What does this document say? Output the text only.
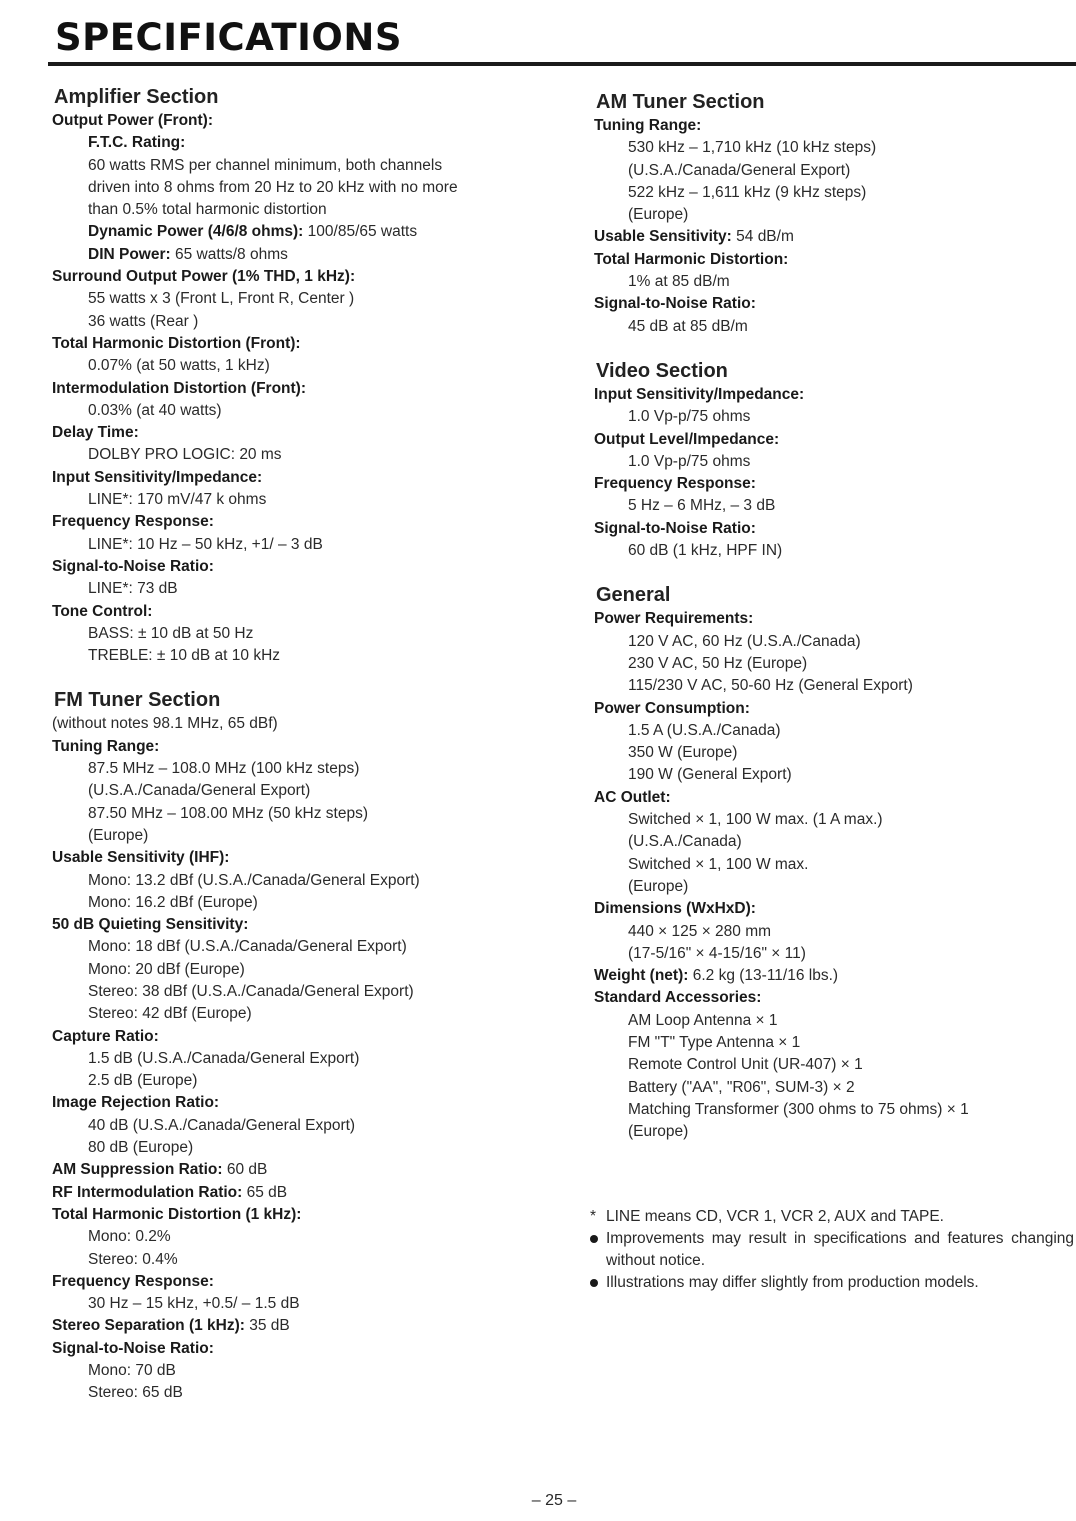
SPECIFICATIONS
Amplifier Section
Output Power (Front):
F.T.C. Rating:
60 watts RMS per channel minimum, both channels
driven into 8 ohms from 20 Hz to 20 kHz with no more
than 0.5% total harmonic distortion
Dynamic Power (4/6/8 ohms): 100/85/65 watts
DIN Power: 65 watts/8 ohms
Surround Output Power (1% THD, 1 kHz):
55 watts x 3 (Front L, Front R, Center )
36 watts (Rear )
Total Harmonic Distortion (Front):
0.07% (at 50 watts, 1 kHz)
Intermodulation Distortion (Front):
0.03% (at 40 watts)
Delay Time:
DOLBY PRO LOGIC: 20 ms
Input Sensitivity/Impedance:
LINE*: 170 mV/47 k ohms
Frequency Response:
LINE*: 10 Hz – 50 kHz, +1/ – 3 dB
Signal-to-Noise Ratio:
LINE*: 73 dB
Tone Control:
BASS: ± 10 dB at 50 Hz
TREBLE: ± 10 dB at 10 kHz
FM Tuner Section
(without notes 98.1 MHz, 65 dBf)
Tuning Range:
87.5 MHz – 108.0 MHz (100 kHz steps)
(U.S.A./Canada/General Export)
87.50 MHz – 108.00 MHz (50 kHz steps)
(Europe)
Usable Sensitivity (IHF):
Mono: 13.2 dBf (U.S.A./Canada/General Export)
Mono: 16.2 dBf (Europe)
50 dB Quieting Sensitivity:
Mono: 18 dBf (U.S.A./Canada/General Export)
Mono: 20 dBf (Europe)
Stereo: 38 dBf (U.S.A./Canada/General Export)
Stereo: 42 dBf (Europe)
Capture Ratio:
1.5 dB (U.S.A./Canada/General Export)
2.5 dB (Europe)
Image Rejection Ratio:
40 dB (U.S.A./Canada/General Export)
80 dB (Europe)
AM Suppression Ratio: 60 dB
RF Intermodulation Ratio: 65 dB
Total Harmonic Distortion (1 kHz):
Mono: 0.2%
Stereo: 0.4%
Frequency Response:
30 Hz – 15 kHz, +0.5/ – 1.5 dB
Stereo Separation (1 kHz): 35 dB
Signal-to-Noise Ratio:
Mono: 70 dB
Stereo: 65 dB
AM Tuner Section
Tuning Range:
530 kHz – 1,710 kHz (10 kHz steps)
(U.S.A./Canada/General Export)
522 kHz – 1,611 kHz (9 kHz steps)
(Europe)
Usable Sensitivity: 54 dB/m
Total Harmonic Distortion:
1% at 85 dB/m
Signal-to-Noise Ratio:
45 dB at 85 dB/m
Video Section
Input Sensitivity/Impedance:
1.0 Vp-p/75 ohms
Output Level/Impedance:
1.0 Vp-p/75 ohms
Frequency Response:
5 Hz – 6 MHz, – 3 dB
Signal-to-Noise Ratio:
60 dB (1 kHz, HPF IN)
General
Power Requirements:
120 V AC, 60 Hz (U.S.A./Canada)
230 V AC, 50 Hz (Europe)
115/230 V AC, 50-60 Hz (General Export)
Power Consumption:
1.5 A (U.S.A./Canada)
350 W (Europe)
190 W (General Export)
AC Outlet:
Switched × 1, 100 W max. (1 A max.)
(U.S.A./Canada)
Switched × 1, 100 W max.
(Europe)
Dimensions (WxHxD):
440 × 125 × 280 mm
(17-5/16" × 4-15/16" × 11)
Weight (net): 6.2 kg (13-11/16 lbs.)
Standard Accessories:
AM Loop Antenna × 1
FM "T" Type Antenna × 1
Remote Control Unit (UR-407) × 1
Battery ("AA", "R06", SUM-3) × 2
Matching Transformer (300 ohms to 75 ohms) × 1
(Europe)
* LINE means CD, VCR 1, VCR 2, AUX and TAPE.
Improvements may result in specifications and features changing without notice.
Illustrations may differ slightly from production models.
– 25 –
